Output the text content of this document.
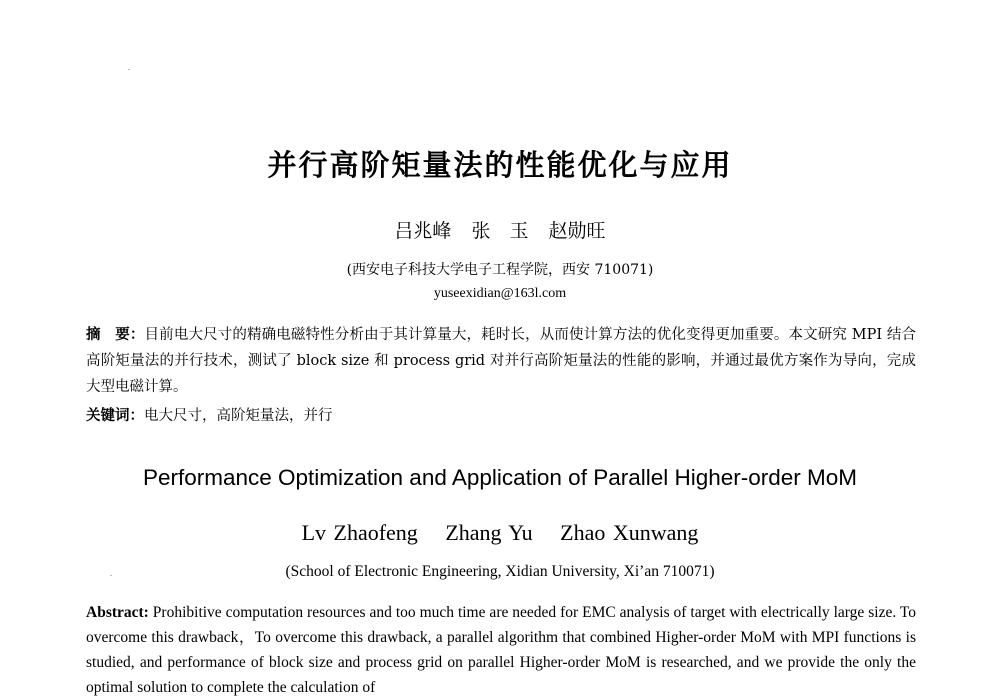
并行高阶矩量法的性能优化与应用
吕兆峰 张　玉 赵勋旺
(西安电子科技大学电子工程学院，西安 710071)
yuseexidian@163l.com
摘　要：目前电大尺寸的精确电磁特性分析由于其计算量大，耗时长，从而使计算方法的优化变得更加重要。本文研究 MPI 结合高阶矩量法的并行技术，测试了 block size 和 process grid 对并行高阶矩量法的性能的影响，并通过最优方案作为导向，完成大型电磁计算。
关键词：电大尺寸，高阶矩量法，并行
Performance Optimization and Application of Parallel Higher-order MoM
Lv Zhaofeng Zhang Yu Zhao Xunwang
(School of Electronic Engineering, Xidian University, Xi’an 710071)
Abstract: Prohibitive computation resources and too much time are needed for EMC analysis of target with electrically large size. To overcome this drawback，To overcome this drawback, a parallel algorithm that combined Higher-order MoM with MPI functions is studied, and performance of block size and process grid on parallel Higher-order MoM is researched, and we provide the only the optimal solution to complete the calculation of
